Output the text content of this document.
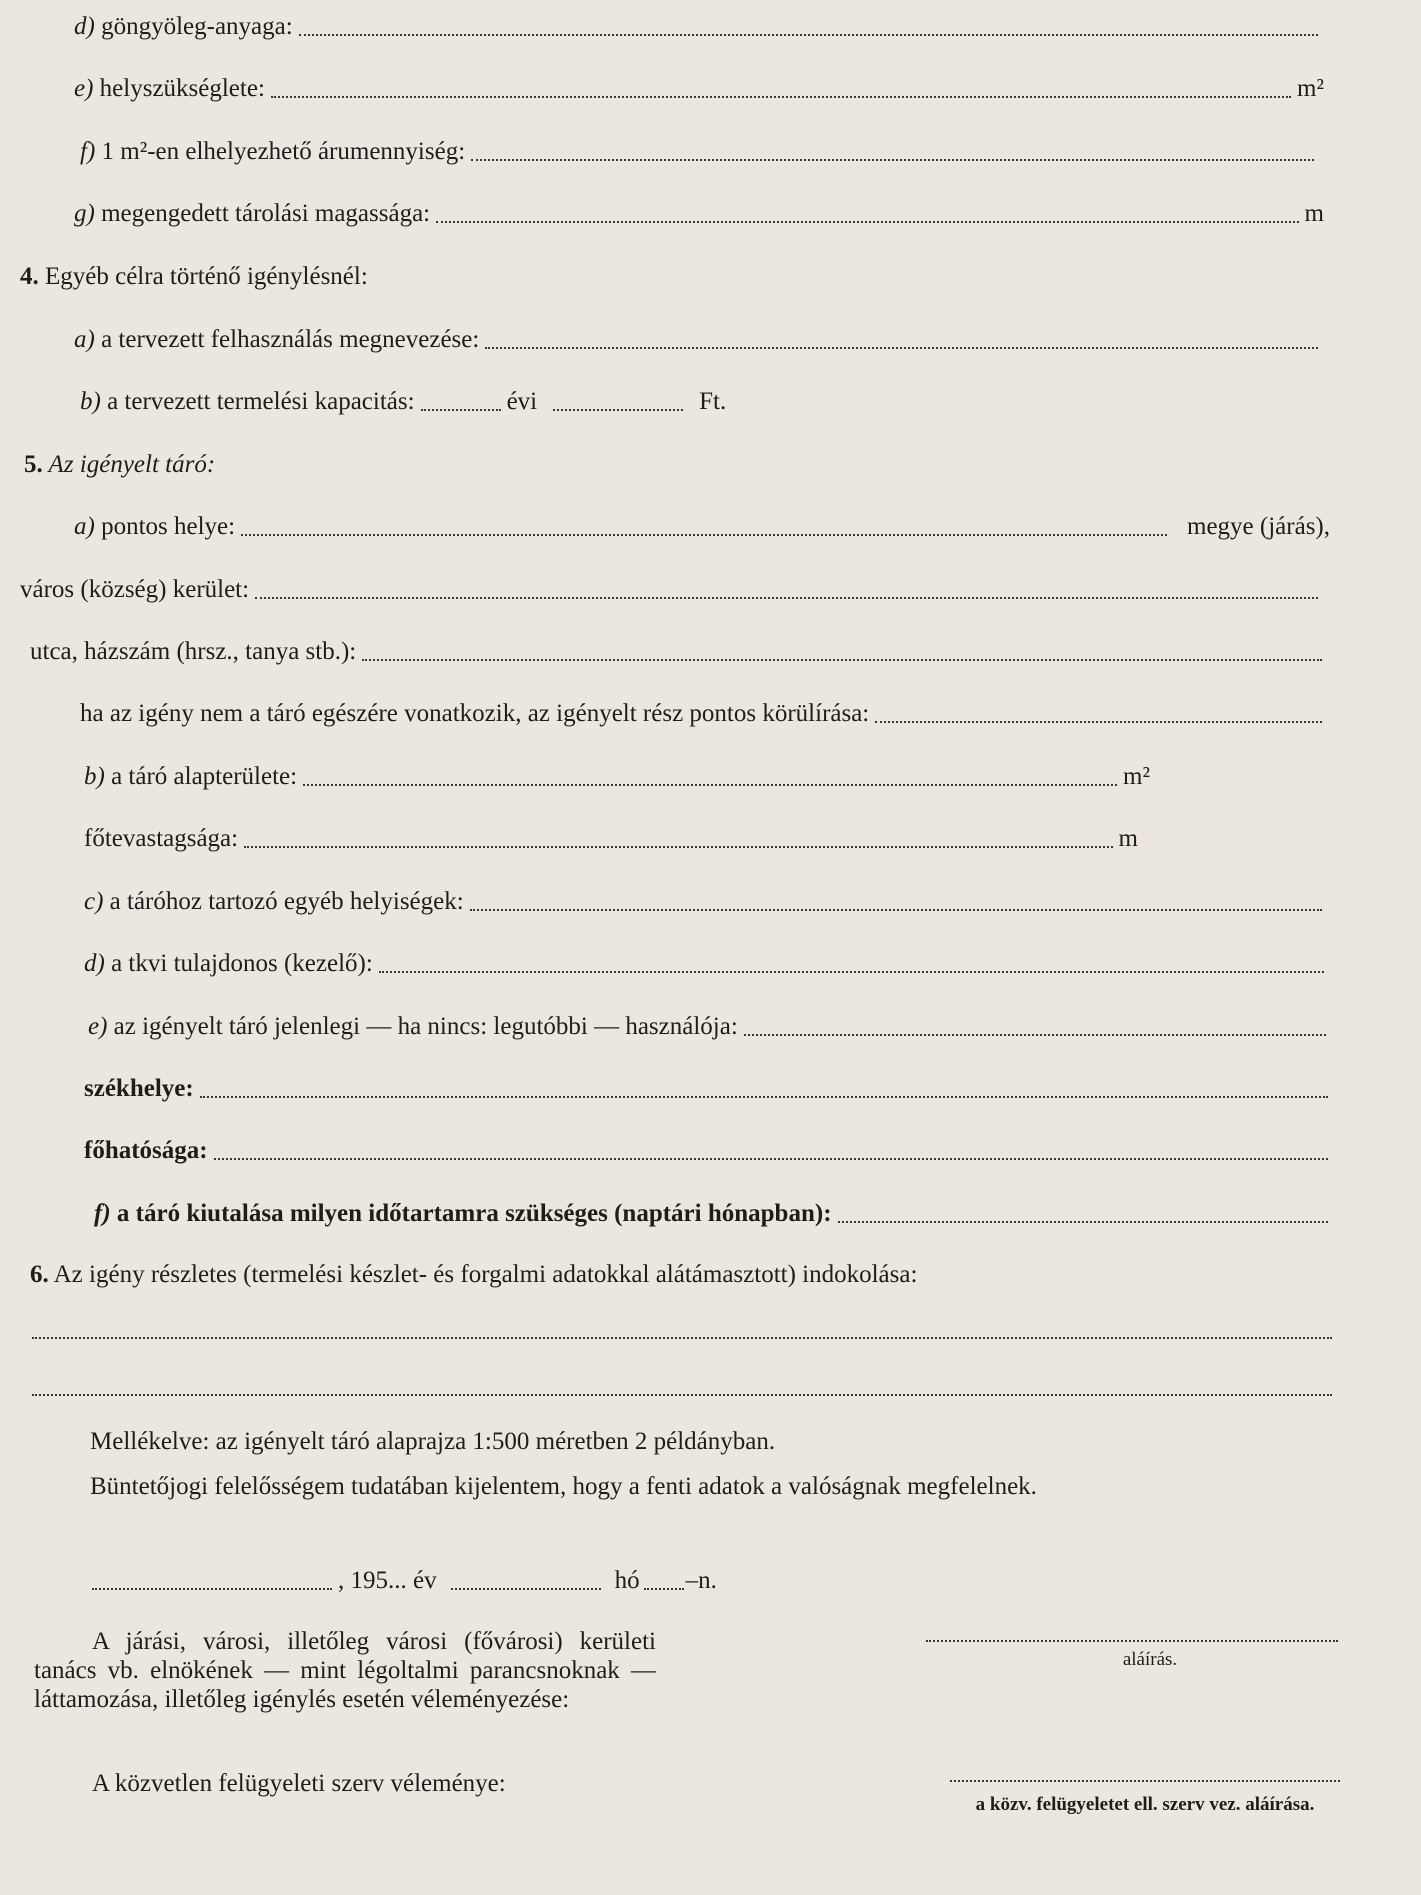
d) göngyöleg-anyaga:
e) helyszükséglete:	m²
f) 1 m²-en elhelyezhető árumennyiség:
g) megengedett tárolási magassága:	m
4. Egyéb célra történő igénylésnél:
a) a tervezett felhasználás megnevezése:
b) a tervezett termelési kapacitás:	évi	Ft.
5. Az igényelt táró:
a) pontos helye:	megye (járás),
város (község) kerület:
utca, házszám (hrsz., tanya stb.):
ha az igény nem a táró egészére vonatkozik, az igényelt rész pontos körülírása:
b) a táró alapterülete:	m²
főtevastagsága:	m
c) a táróhoz tartozó egyéb helyiségek:
d) a tkvi tulajdonos (kezelő):
e) az igényelt táró jelenlegi — ha nincs: legutóbbi — használója:
székhelye:
főhatósága:
f) a táró kiutalása milyen időtartamra szükséges (naptári hónapban):
6. Az igény részletes (termelési készlet- és forgalmi adatokkal alátámasztott) indokolása:
Mellékelve: az igényelt táró alaprajza 1:500 méretben 2 példányban.
Büntetőjogi felelősségem tudatában kijelentem, hogy a fenti adatok a valóságnak megfelelnek.
, 195... év	hó –n.
A járási, városi, illetőleg városi (fővárosi) kerületi tanács vb. elnökének — mint légoltalmi parancsnoknak — láttamozása, illetőleg igénylés esetén véleményezése:
aláírás.
A közvetlen felügyeleti szerv véleménye:
a közv. felügyeletet ell. szerv vez. aláírása.
